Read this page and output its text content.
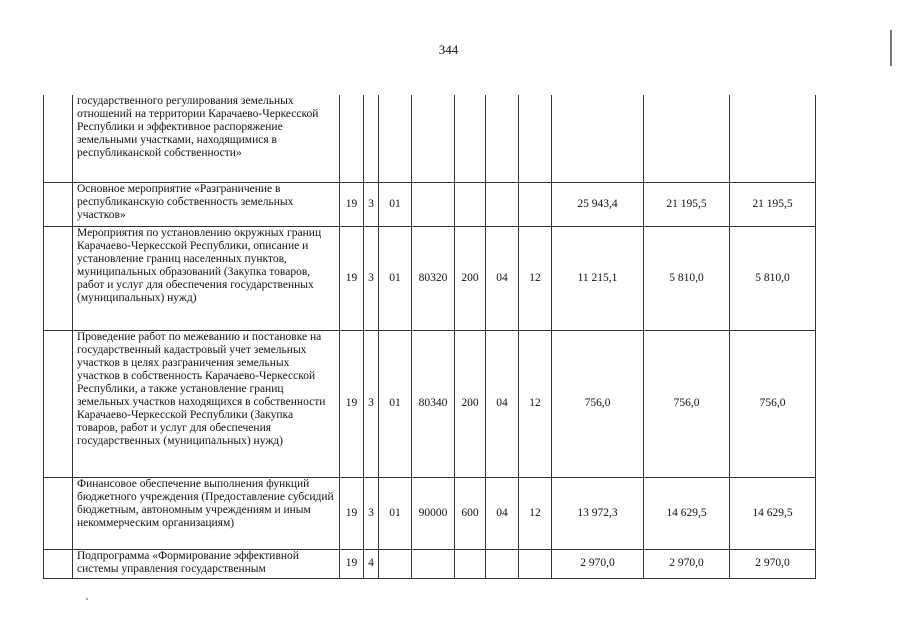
344
	государственного регулирования земельных отношений на территории Карачаево-Черкесской Республики и эффективное распоряжение земельными участками, находящимися в республиканской собственности»										
	Основное мероприятие «Разграничение в республиканскую собственность земельных участков»	19	3	01					25 943,4	21 195,5	21 195,5
	Мероприятия по установлению окружных границ Карачаево-Черкесской Республики, описание и установление границ населенных пунктов, муниципальных образований (Закупка товаров, работ и услуг для обеспечения государственных (муниципальных) нужд)	19	3	01	80320	200	04	12	11 215,1	5 810,0	5 810,0
	Проведение работ по межеванию и постановке на государственный кадастровый учет земельных участков в целях разграничения земельных участков в собственность Карачаево-Черкесской Республики, а также установление границ земельных участков находящихся в собственности Карачаево-Черкесской Республики (Закупка товаров, работ и услуг для обеспечения государственных (муниципальных) нужд)	19	3	01	80340	200	04	12	756,0	756,0	756,0
	Финансовое обеспечение выполнения функций бюджетного учреждения (Предоставление субсидий бюджетным, автономным учреждениям и иным некоммерческим организациям)	19	3	01	90000	600	04	12	13 972,3	14 629,5	14 629,5
	Подпрограмма «Формирование эффективной системы управления государственным	19	4						2 970,0	2 970,0	2 970,0
